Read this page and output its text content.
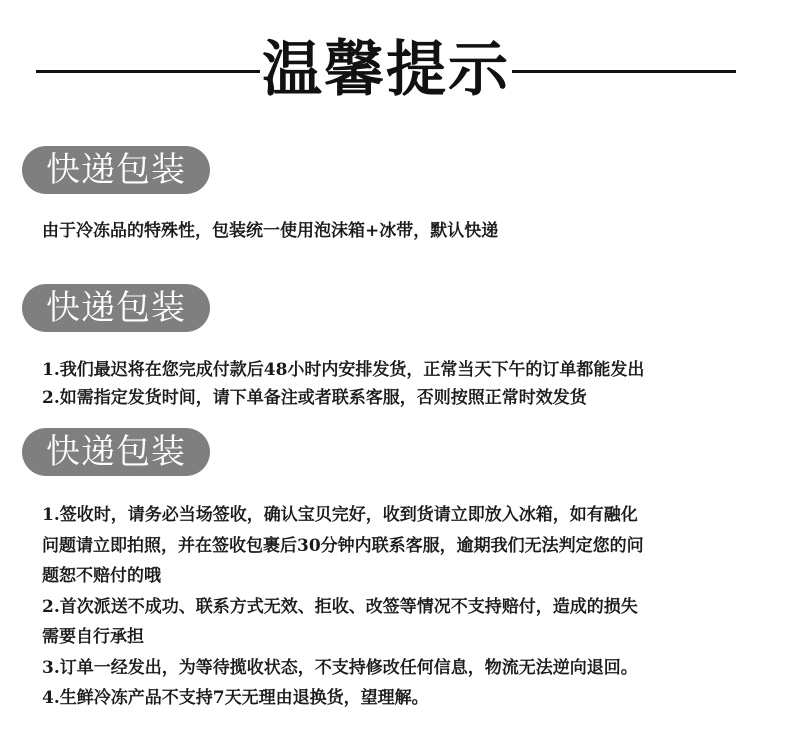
温馨提示
快递包装
由于冷冻品的特殊性，包装统一使用泡沫箱+冰带，默认快递
快递包装
1.我们最迟将在您完成付款后48小时内安排发货，正常当天下午的订单都能发出
2.如需指定发货时间，请下单备注或者联系客服，否则按照正常时效发货
快递包装
1.签收时，请务必当场签收，确认宝贝完好，收到货请立即放入冰箱，如有融化
问题请立即拍照，并在签收包裹后30分钟内联系客服，逾期我们无法判定您的问
题恕不赔付的哦
2.首次派送不成功、联系方式无效、拒收、改签等情况不支持赔付，造成的损失
需要自行承担
3.订单一经发出，为等待揽收状态，不支持修改任何信息，物流无法逆向退回。
4.生鲜冷冻产品不支持7天无理由退换货，望理解。
